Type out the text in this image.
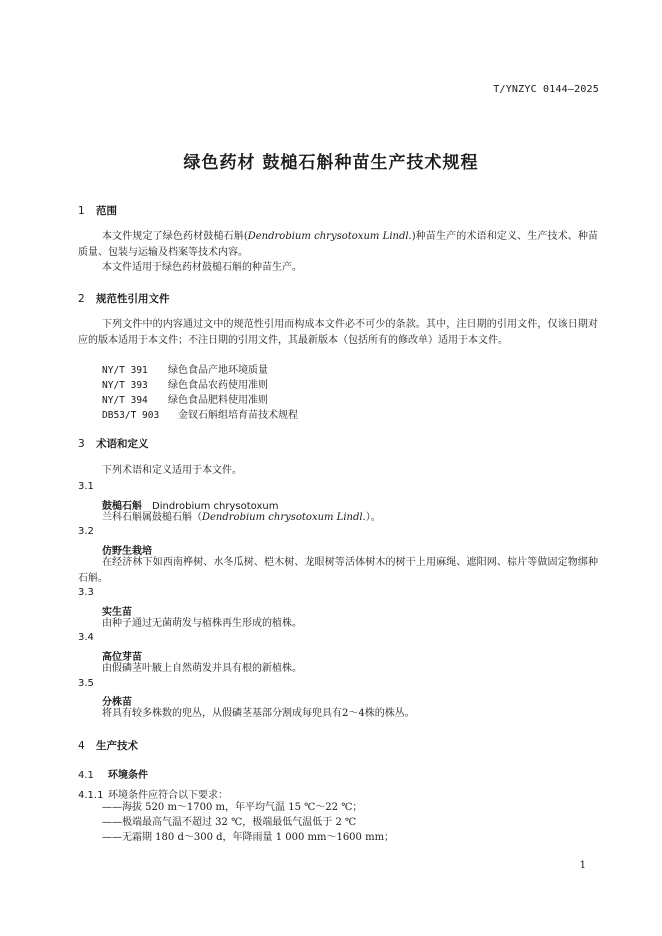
T/YNZYC 0144—2025
绿色药材 鼓槌石斛种苗生产技术规程
1 范围
本文件规定了绿色药材鼓槌石斛(Dendrobium chrysotoxum Lindl.)种苗生产的术语和定义、生产技术、种苗质量、包装与运输及档案等技术内容。
本文件适用于绿色药材鼓槌石斛的种苗生产。
2 规范性引用文件
下列文件中的内容通过文中的规范性引用而构成本文件必不可少的条款。其中，注日期的引用文件，仅该日期对应的版本适用于本文件；不注日期的引用文件，其最新版本（包括所有的修改单）适用于本文件。
NY/T 391 绿色食品产地环境质量
NY/T 393 绿色食品农药使用准则
NY/T 394 绿色食品肥料使用准则
DB53/T 903 金钗石斛组培育苗技术规程
3 术语和定义
下列术语和定义适用于本文件。
3.1
鼓槌石斛 Dindrobium chrysotoxum
兰科石斛属鼓槌石斛（Dendrobium chrysotoxum Lindl.）。
3.2
仿野生栽培
在经济林下如西南桦树、水冬瓜树、桤木树、龙眼树等活体树木的树干上用麻绳、遮阳网、棕片等做固定物绑种石斛。
3.3
实生苗
由种子通过无菌萌发与植株再生形成的植株。
3.4
高位芽苗
由假磷茎叶腋上自然萌发并具有根的新植株。
3.5
分株苗
将具有较多株数的兜丛，从假磷茎基部分割成每兜具有2～4株的株丛。
4 生产技术
4.1 环境条件
4.1.1 环境条件应符合以下要求：
——海拔 520 m～1700 m，年平均气温 15 ℃～22 ℃；
——极端最高气温不超过 32 ℃，极端最低气温低于 2 ℃
——无霜期 180 d～300 d，年降雨量 1 000 mm～1600 mm；
1
